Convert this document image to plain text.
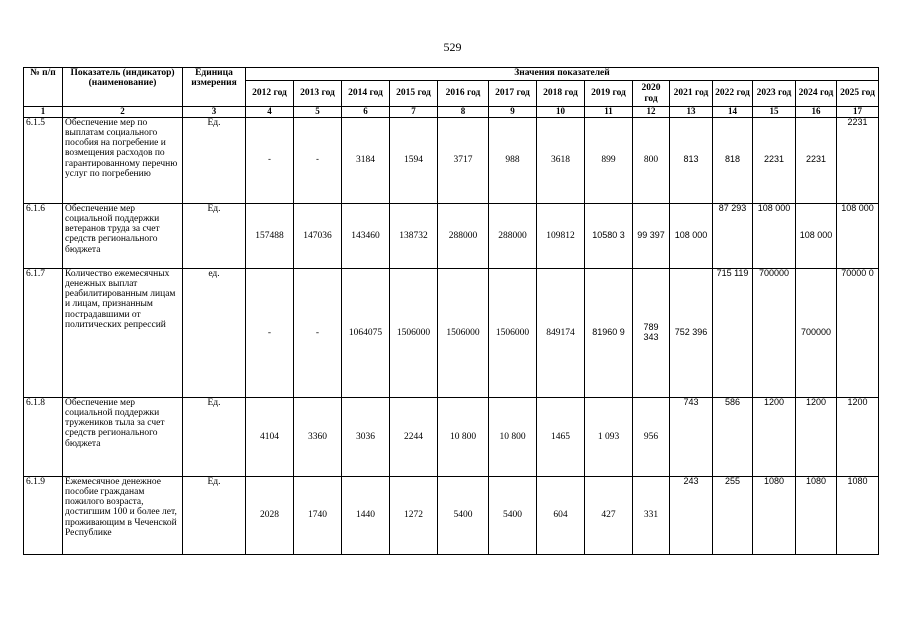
529
№ п/п	Показатель (индикатор) (наименование)	Единица измерения	Значения показателей													
			2012 год	2013 год	2014 год	2015 год	2016 год	2017 год	2018 год	2019 год	2020 год	2021 год	2022 год	2023 год	2024 год	2025 год
1	2	3	4	5	6	7	8	9	10	11	12	13	14	15	16	17
6.1.5	Обеспечение мер по выплатам социального пособия на погребение и возмещения расходов по гарантированному перечню услуг по погребению	Ед.	-	-	3184	1594	3717	988	3618	899	800	813	818	2231	2231	2231
6.1.6	Обеспечение мер социальной поддержки ветеранов труда за счет средств регионального бюджета	Ед.	157488	147036	143460	138732	288000	288000	109812	10580 3	99 397	108 000	87 293	108 000	108 000	108 000
6.1.7	Количество ежемесячных денежных выплат реабилитированным лицам и лицам, признанным пострадавшими от политических репрессий	ед.	-	-	1064075	1506000	1506000	1506000	849174	81960 9	789 343	752 396	715 119	700000	700000	70000 0
6.1.8	Обеспечение мер социальной поддержки тружеников тыла за счет средств регионального бюджета	Ед.	4104	3360	3036	2244	10 800	10 800	1465	1 093	956	743	586	1200	1200	1200
6.1.9	Ежемесячное денежное пособие гражданам пожилого возраста, достигшим 100 и более лет, проживающим в Чеченской Республике	Ед.	2028	1740	1440	1272	5400	5400	604	427	331	243	255	1080	1080	1080
